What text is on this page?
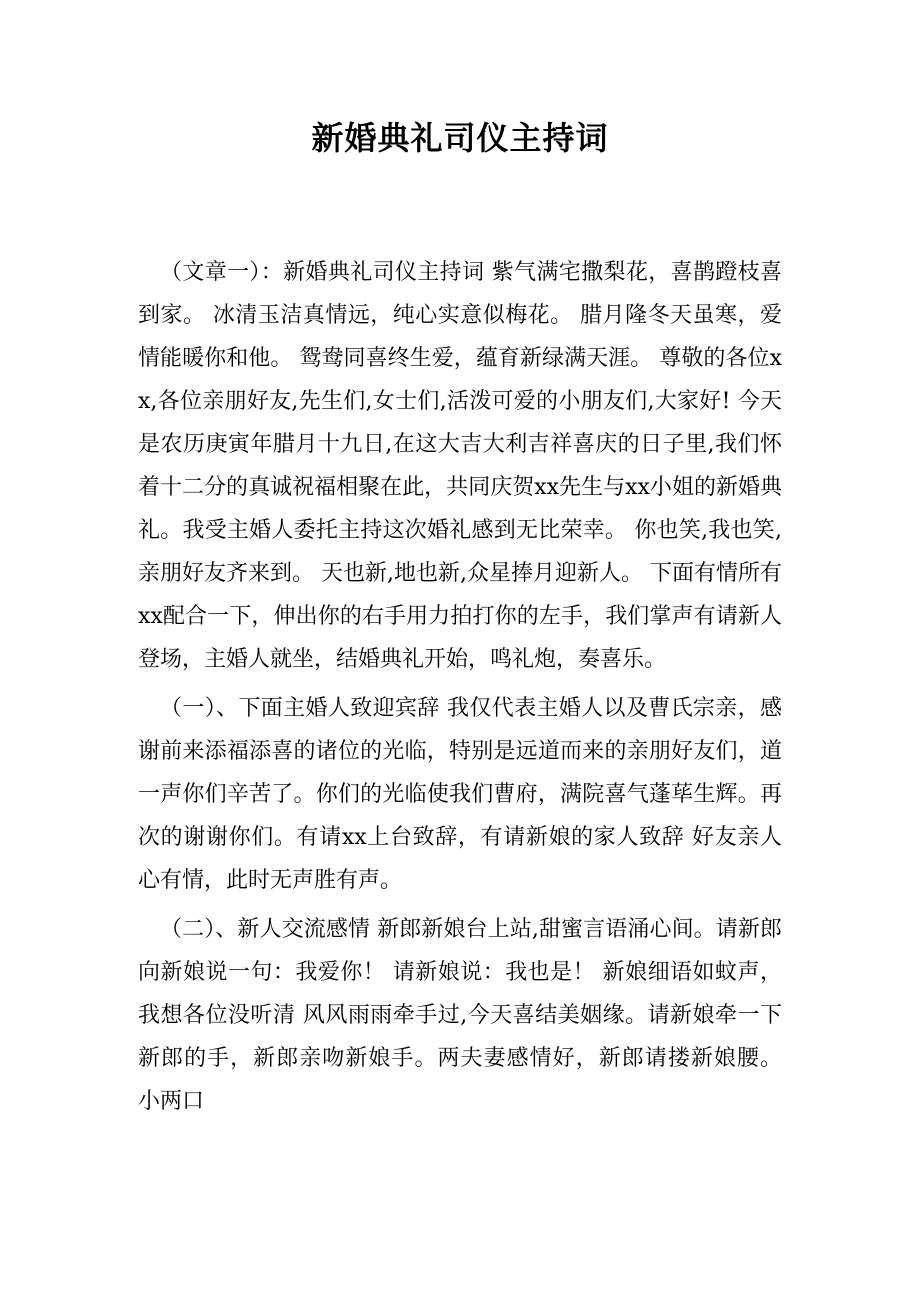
新婚典礼司仪主持词

（文章一）：新婚典礼司仪主持词 紫气满宅撒梨花，喜鹊蹬枝喜到家。 冰清玉洁真情远，纯心实意似梅花。 腊月隆冬天虽寒，爱情能暖你和他。 鸳鸯同喜终生爱，蕴育新绿满天涯。 尊敬的各位xx,各位亲朋好友,先生们,女士们,活泼可爱的小朋友们,大家好! 今天是农历庚寅年腊月十九日,在这大吉大利吉祥喜庆的日子里,我们怀着十二分的真诚祝福相聚在此，共同庆贺xx先生与xx小姐的新婚典礼。我受主婚人委托主持这次婚礼感到无比荣幸。 你也笑,我也笑,亲朋好友齐来到。 天也新,地也新,众星捧月迎新人。 下面有情所有xx配合一下，伸出你的右手用力拍打你的左手，我们掌声有请新人登场，主婚人就坐，结婚典礼开始，鸣礼炮，奏喜乐。

（一）、下面主婚人致迎宾辞 我仅代表主婚人以及曹氏宗亲，感谢前来添福添喜的诸位的光临，特别是远道而来的亲朋好友们，道一声你们辛苦了。你们的光临使我们曹府，满院喜气蓬荜生辉。再次的谢谢你们。有请xx上台致辞，有请新娘的家人致辞 好友亲人心有情，此时无声胜有声。

（二）、新人交流感情 新郎新娘台上站,甜蜜言语涌心间。请新郎向新娘说一句：我爱你！ 请新娘说：我也是！ 新娘细语如蚊声，我想各位没听清 风风雨雨牵手过,今天喜结美姻缘。请新娘牵一下新郎的手，新郎亲吻新娘手。两夫妻感情好，新郎请搂新娘腰。 小两口
